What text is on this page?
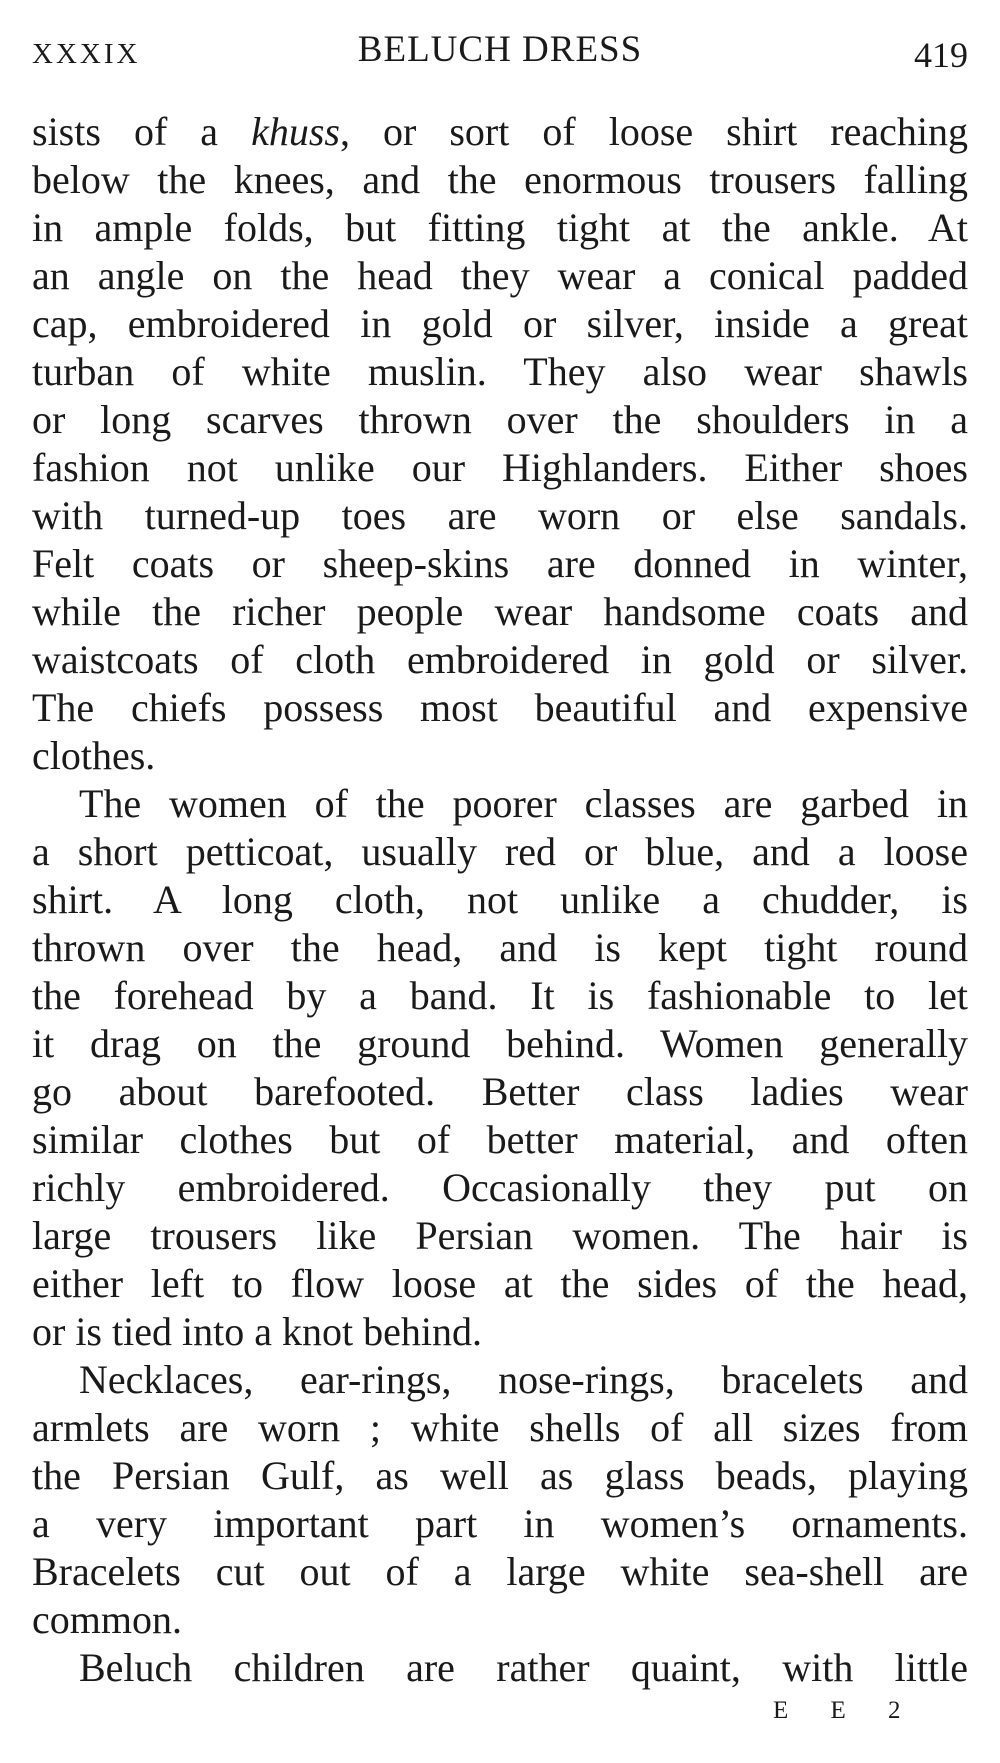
XXXIX	BELUCH DRESS	419
sists of a khuss, or sort of loose shirt reaching
below the knees, and the enormous trousers falling
in ample folds, but fitting tight at the ankle. At
an angle on the head they wear a conical padded
cap, embroidered in gold or silver, inside a great
turban of white muslin. They also wear shawls
or long scarves thrown over the shoulders in a
fashion not unlike our Highlanders. Either shoes
with turned-up toes are worn or else sandals.
Felt coats or sheep-skins are donned in winter,
while the richer people wear handsome coats and
waistcoats of cloth embroidered in gold or silver.
The chiefs possess most beautiful and expensive
clothes.
The women of the poorer classes are garbed in
a short petticoat, usually red or blue, and a loose
shirt. A long cloth, not unlike a chudder, is
thrown over the head, and is kept tight round
the forehead by a band. It is fashionable to let
it drag on the ground behind. Women generally
go about barefooted. Better class ladies wear
similar clothes but of better material, and often
richly embroidered. Occasionally they put on
large trousers like Persian women. The hair is
either left to flow loose at the sides of the head,
or is tied into a knot behind.
Necklaces, ear-rings, nose-rings, bracelets and
armlets are worn ; white shells of all sizes from
the Persian Gulf, as well as glass beads, playing
a very important part in women’s ornaments.
Bracelets cut out of a large white sea-shell are
common.
Beluch children are rather quaint, with little
E E 2
